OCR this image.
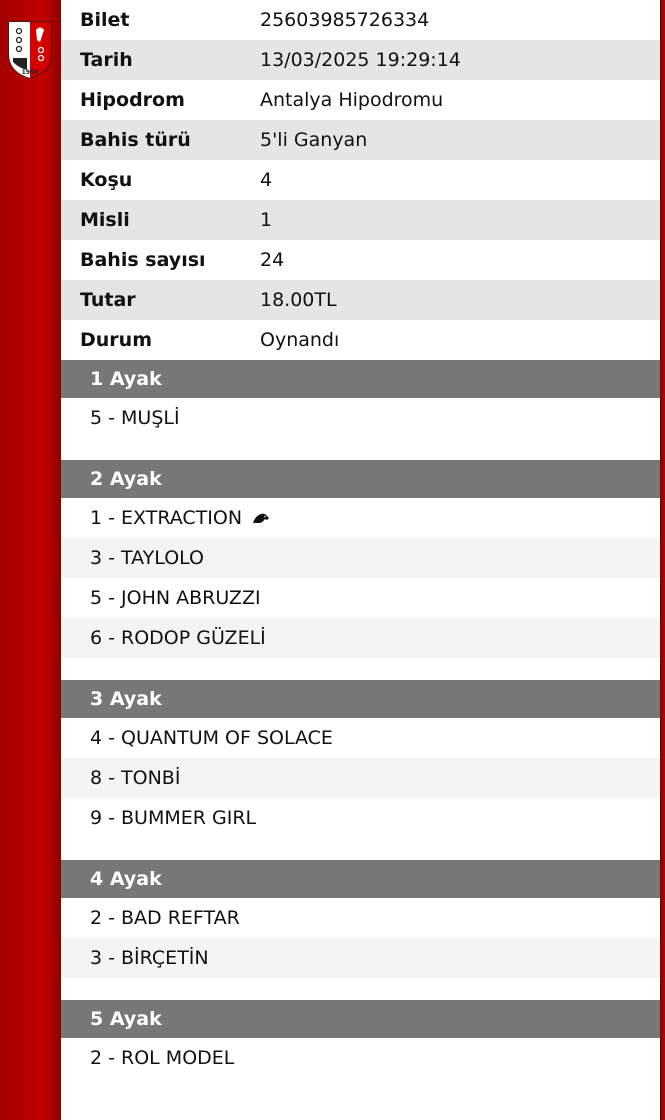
1950
Bilet	25603985726334
Tarih	13/03/2025 19:29:14
Hipodrom	Antalya Hipodromu
Bahis türü	5'li Ganyan
Koşu	4
Misli	1
Bahis sayısı	24
Tutar	18.00TL
Durum	Oynandı
1 Ayak
5 - MUŞLİ
2 Ayak
1 - EXTRACTION
3 - TAYLOLO
5 - JOHN ABRUZZI
6 - RODOP GÜZELİ
3 Ayak
4 - QUANTUM OF SOLACE
8 - TONBİ
9 - BUMMER GIRL
4 Ayak
2 - BAD REFTAR
3 - BİRÇETİN
5 Ayak
2 - ROL MODEL
